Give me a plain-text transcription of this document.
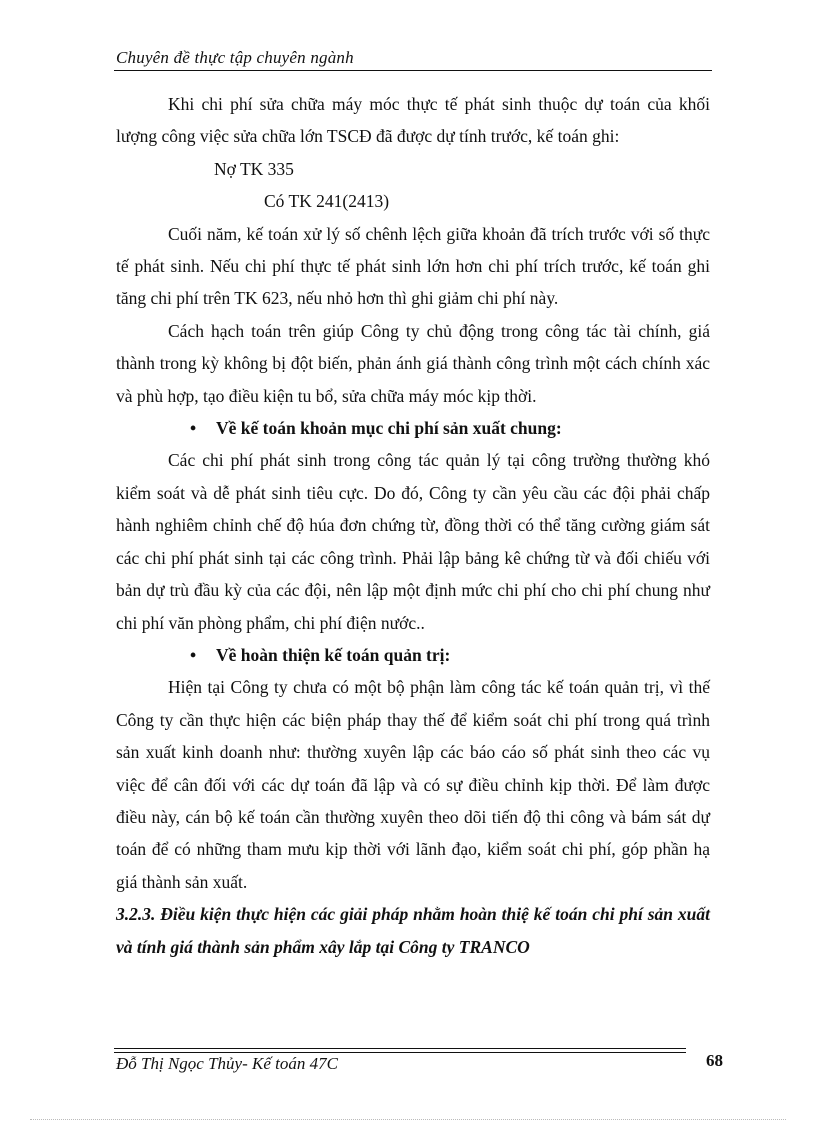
Chuyên đề thực tập chuyên ngành

Khi chi phí sửa chữa máy móc thực tế phát sinh thuộc dự toán của khối lượng công việc sửa chữa lớn TSCĐ đã được dự tính trước, kế toán ghi:

Nợ TK 335

Có TK 241(2413)

Cuối năm, kế toán xử lý số chênh lệch giữa khoản đã trích trước với số thực tế phát sinh. Nếu chi phí thực tế phát sinh lớn hơn chi phí trích trước, kế toán ghi tăng chi phí trên TK 623, nếu nhỏ hơn thì ghi giảm chi phí này.

Cách hạch toán trên giúp Công ty chủ động trong công tác tài chính, giá thành trong kỳ không bị đột biến, phản ánh giá thành công trình một cách chính xác và phù hợp, tạo điều kiện tu bổ, sửa chữa máy móc kịp thời.

• Về kế toán khoản mục chi phí sản xuất chung:

Các chi phí phát sinh trong công tác quản lý tại công trường thường khó kiểm soát và dễ phát sinh tiêu cực. Do đó, Công ty cần yêu cầu các đội phải chấp hành nghiêm chỉnh chế độ húa đơn chứng từ, đồng thời có thể tăng cường giám sát các chi phí phát sinh tại các công trình. Phải lập bảng kê chứng từ và đối chiếu với bản dự trù đầu kỳ của các đội, nên lập một định mức chi phí cho chi phí chung như chi phí văn phòng phẩm, chi phí điện nước..

• Về hoàn thiện kế toán quản trị:

Hiện tại Công ty chưa có một bộ phận làm công tác kế toán quản trị, vì thế Công ty cần thực hiện các biện pháp thay thế để kiểm soát chi phí trong quá trình sản xuất kinh doanh như: thường xuyên lập các báo cáo số phát sinh theo các vụ việc để cân đối với các dự toán đã lập và có sự điều chỉnh kịp thời. Để làm được điều này, cán bộ kế toán cần thường xuyên theo dõi tiến độ thi công và bám sát dự toán để có những tham mưu kịp thời với lãnh đạo, kiểm soát chi phí, góp phần hạ giá thành sản xuất.

3.2.3. Điều kiện thực hiện các giải pháp nhằm hoàn thiệ kế toán chi phí sản xuất và tính giá thành sản phẩm xây lắp tại Công ty TRANCO

Đỗ Thị Ngọc Thủy- Kế toán 47C	68
